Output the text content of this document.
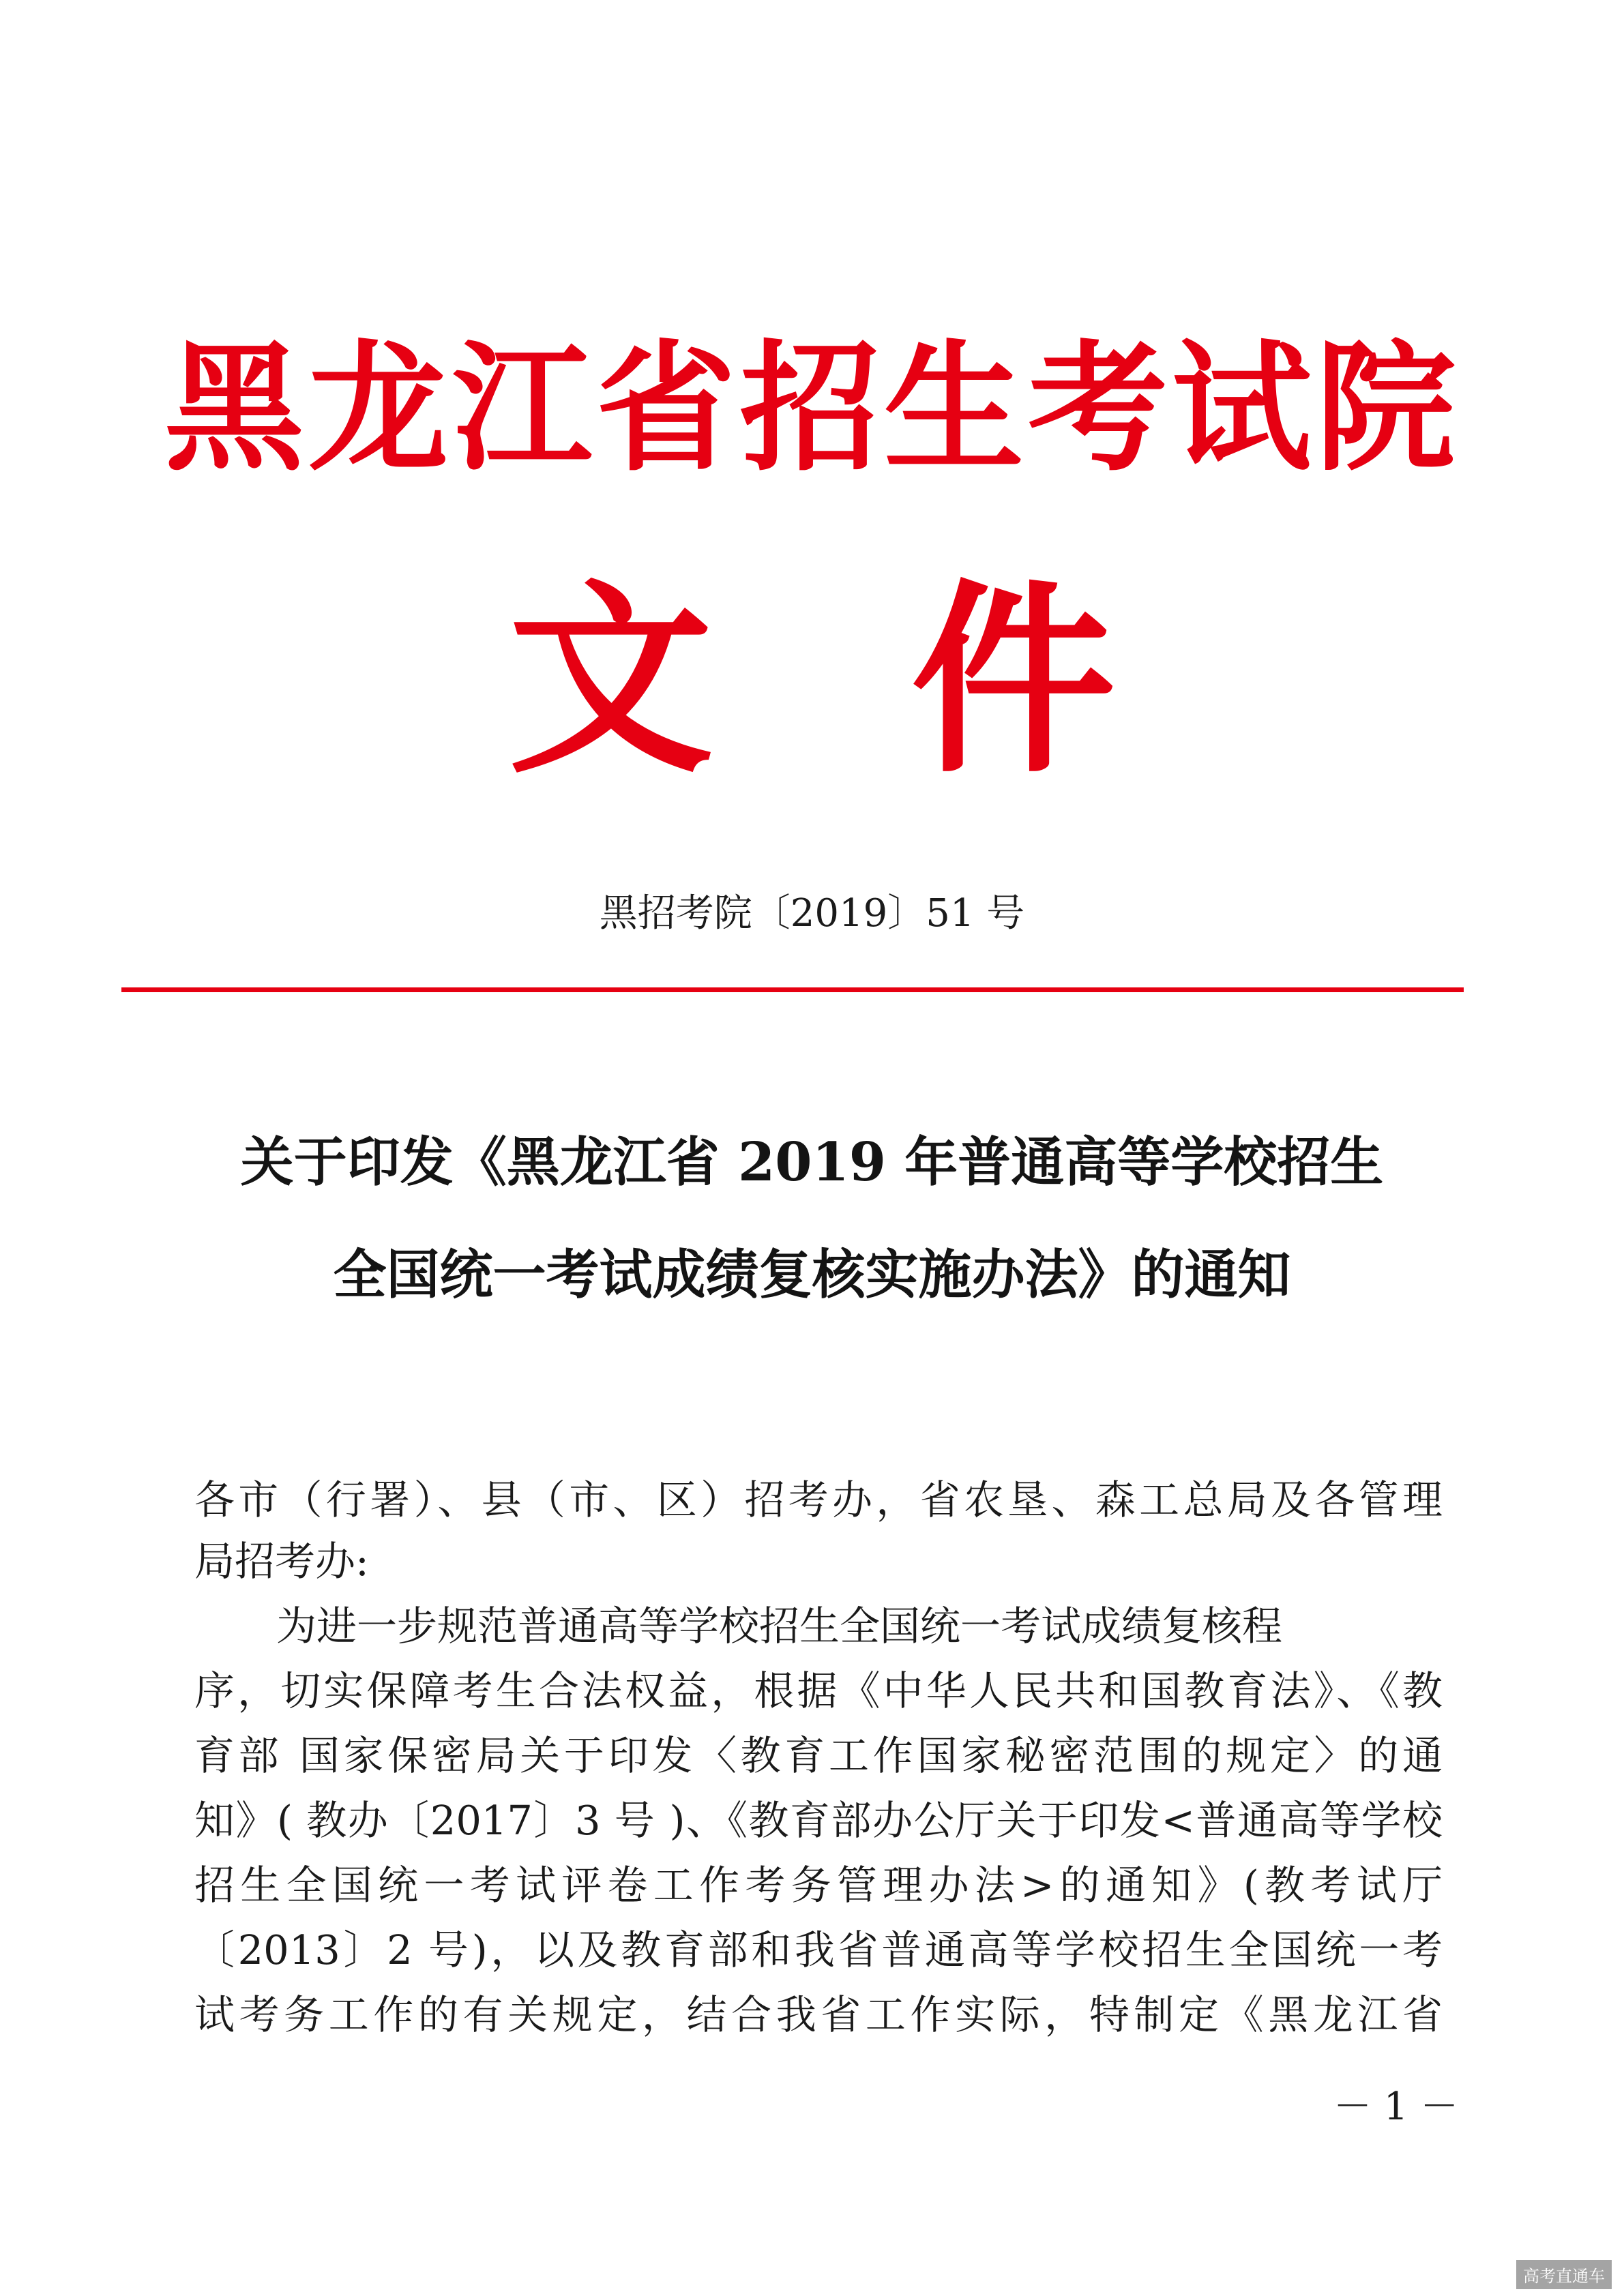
黑龙江省招生考试院
文 件
黑招考院〔2019〕51 号
关于印发《黑龙江省 2019 年普通高等学校招生
全国统一考试成绩复核实施办法》的通知
各市（行署）、县（市、区）招考办，省农垦、森工总局及各管理
局招考办:
为进一步规范普通高等学校招生全国统一考试成绩复核程
序，切实保障考生合法权益，根据《中华人民共和国教育法》、《教
育部 国家保密局关于印发〈教育工作国家秘密范围的规定〉的通
知》( 教办〔2017〕3 号 )、《教育部办公厅关于印发<普通高等学校
招生全国统一考试评卷工作考务管理办法>的通知》(教考试厅
〔2013〕2 号)，以及教育部和我省普通高等学校招生全国统一考
试考务工作的有关规定，结合我省工作实际，特制定《黑龙江省
－ 1 －
高考直通车
